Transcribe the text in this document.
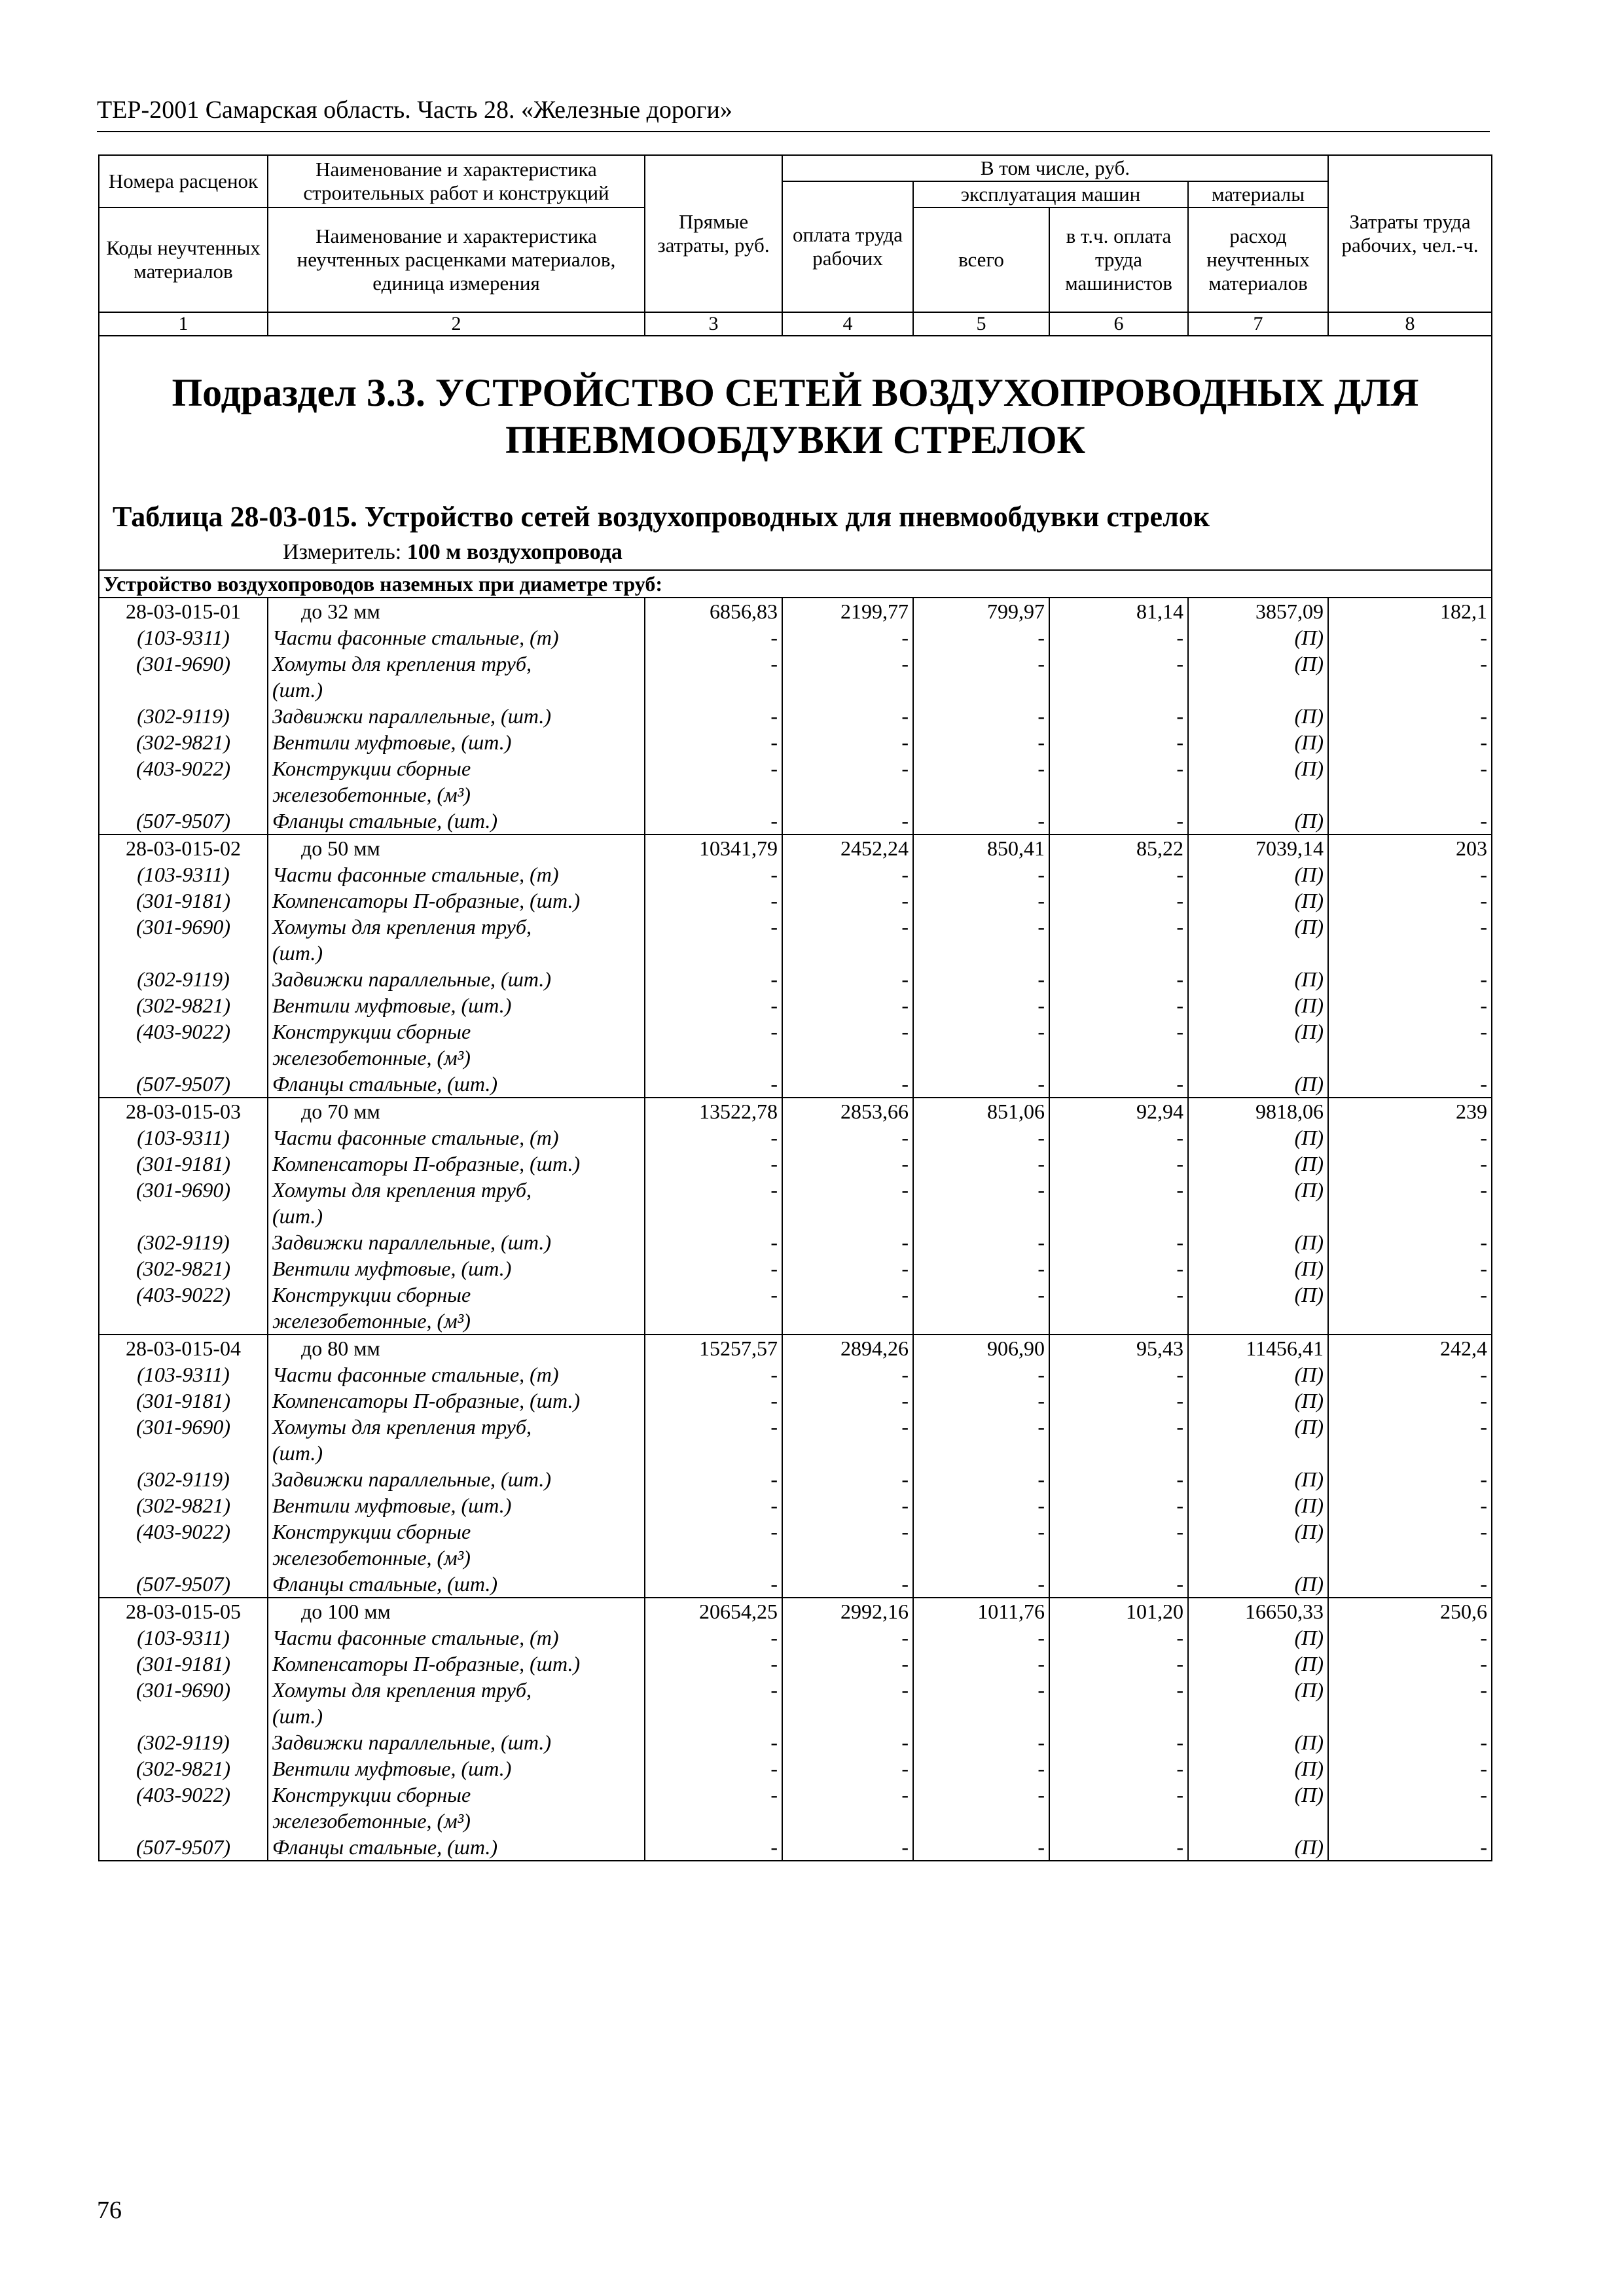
ТЕР-2001 Самарская область. Часть 28. «Железные дороги»
Номера расценок	Наименование и характеристика строительных работ и конструкций	Прямые затраты, руб.	В том числе, руб.				Затраты труда рабочих, чел.-ч.
			оплата труда рабочих	эксплуатация машин		материалы	
Коды неучтенных материалов	Наименование и характеристика неучтенных расценками материалов, единица измерения			всего	в т.ч. оплата труда машинистов	расход неучтенных материалов	

1	2	3	4	5	6	7	8

Подраздел 3.3. УСТРОЙСТВО СЕТЕЙ ВОЗДУХОПРОВОДНЫХ ДЛЯ ПНЕВМООБДУВКИ СТРЕЛОК
Таблица 28-03-015. Устройство сетей воздухопроводных для пневмообдувки стрелок
Измеритель: 100 м воздухопровода							

Устройство воздухопроводов наземных при диаметре труб:							
28-03-015-01	до 32 мм	6856,83	2199,77	799,97	81,14	3857,09	182,1
(103-9311)	Части фасонные стальные, (т)	-	-	-	-	(П)	-
(301-9690)	Хомуты для крепления труб,	-	-	-	-	(П)	-
	(шт.)						
(302-9119)	Задвижки параллельные, (шт.)	-	-	-	-	(П)	-
(302-9821)	Вентили муфтовые, (шт.)	-	-	-	-	(П)	-
(403-9022)	Конструкции сборные	-	-	-	-	(П)	-
	железобетонные, (м³)						
(507-9507)	Фланцы стальные, (шт.)	-	-	-	-	(П)	-
28-03-015-02	до 50 мм	10341,79	2452,24	850,41	85,22	7039,14	203
(103-9311)	Части фасонные стальные, (т)	-	-	-	-	(П)	-
(301-9181)	Компенсаторы П-образные, (шт.)	-	-	-	-	(П)	-
(301-9690)	Хомуты для крепления труб,	-	-	-	-	(П)	-
	(шт.)						
(302-9119)	Задвижки параллельные, (шт.)	-	-	-	-	(П)	-
(302-9821)	Вентили муфтовые, (шт.)	-	-	-	-	(П)	-
(403-9022)	Конструкции сборные	-	-	-	-	(П)	-
	железобетонные, (м³)						
(507-9507)	Фланцы стальные, (шт.)	-	-	-	-	(П)	-
28-03-015-03	до 70 мм	13522,78	2853,66	851,06	92,94	9818,06	239
(103-9311)	Части фасонные стальные, (т)	-	-	-	-	(П)	-
(301-9181)	Компенсаторы П-образные, (шт.)	-	-	-	-	(П)	-
(301-9690)	Хомуты для крепления труб,	-	-	-	-	(П)	-
	(шт.)						
(302-9119)	Задвижки параллельные, (шт.)	-	-	-	-	(П)	-
(302-9821)	Вентили муфтовые, (шт.)	-	-	-	-	(П)	-
(403-9022)	Конструкции сборные	-	-	-	-	(П)	-
	железобетонные, (м³)						
28-03-015-04	до 80 мм	15257,57	2894,26	906,90	95,43	11456,41	242,4
(103-9311)	Части фасонные стальные, (т)	-	-	-	-	(П)	-
(301-9181)	Компенсаторы П-образные, (шт.)	-	-	-	-	(П)	-
(301-9690)	Хомуты для крепления труб,	-	-	-	-	(П)	-
	(шт.)						
(302-9119)	Задвижки параллельные, (шт.)	-	-	-	-	(П)	-
(302-9821)	Вентили муфтовые, (шт.)	-	-	-	-	(П)	-
(403-9022)	Конструкции сборные	-	-	-	-	(П)	-
	железобетонные, (м³)						
(507-9507)	Фланцы стальные, (шт.)	-	-	-	-	(П)	-
28-03-015-05	до 100 мм	20654,25	2992,16	1011,76	101,20	16650,33	250,6
(103-9311)	Части фасонные стальные, (т)	-	-	-	-	(П)	-
(301-9181)	Компенсаторы П-образные, (шт.)	-	-	-	-	(П)	-
(301-9690)	Хомуты для крепления труб,	-	-	-	-	(П)	-
	(шт.)						
(302-9119)	Задвижки параллельные, (шт.)	-	-	-	-	(П)	-
(302-9821)	Вентили муфтовые, (шт.)	-	-	-	-	(П)	-
(403-9022)	Конструкции сборные	-	-	-	-	(П)	-
	железобетонные, (м³)						
(507-9507)	Фланцы стальные, (шт.)	-	-	-	-	(П)	-
76
